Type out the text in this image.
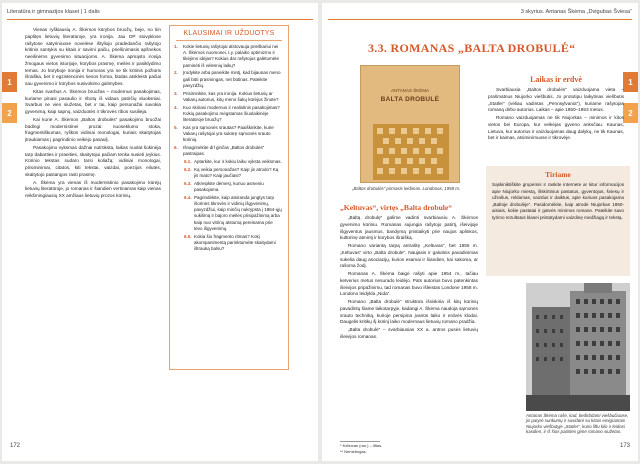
Literatūra ir gimnazijos klasei | 1 dalis
1
2

Vienas ryškiausių A. Škėmos kūrybos bruožų, beje, no tiin paplitęs lietuvių literatūroje, yra ironija. Jau DP stovyklose rašytose satyriniuose novelėse ištyliojo pradedančio rašytojo kritinis santykis su kitais ir savimi pačiu, priešinimasis apšnekos neeilinėms gyvenimo situacijoms. A. Škėma apmąsto ironija žmogaus vietos istorijoje, kūrybos prasmę, meilės ir pasiklydimo temas. Jo kūryboje ironija ir humoras yra ne tik kritinis požiūris išraiška, bet ir egzistencinės tiesos forma, būdas atskleisti pačiai sau gyvenimo ir kūrybos susivokimo galimybes.

Kitas svarbus A. Škėmos bruožas – modernus pasakojimas, kuriame pinasi pasaulio ir ribotų iš vidaus patirčių sluoksniai. Svarbus ne vien siužetas, bet ir tai, kaip personažai suvokia gyvenimą, kaip sapnų, vaizduotės ir tikrovės ribos susilieja.

Kai kurie A. Škėmos „Baltos drobulės“ pasakojimo bruožai būdingi modernistinei prozai: nuoseklumo stoka, fragmentiškumas, ryškūs vidiniai monologai, kuriais skaitytojas įtraukiamas į pagrindinio veikėjo pasaulį.

Pasakojimo vyksmas dažnai nutrūksta, laikas nuolat šokinėja tarp dabarties ir praeities, skaitytojui pačiam tenka susieti įvykius. Kūrinio tekstas sudaro tarsi koliažą: vidiniai monologai, prisiminimai, citatos, kiti tekstai, vaizdai, poezijos eilutės, skaitytojo pastangos rasti prasmę.

A. Škėma yra vienas iš modernistinio pasakojimo kūrėjų lietuvių literatūroje, jo romanas ir šiandien vertinamas kaip vienas reikšmingiausių XX amžiaus lietuvių prozos kūrinių.

KLAUSIMAI IR UŽDUOTYS
1. Kokie lietuvių rašytojai atstovauja prieškariui nei A. Škėmos nuomonei, t.y. palaiko optimizmo ir tikėjimo idėjas? Kokius dar rašytojus galėtumėte paminėti iš vėlesnių laikų?
2. Įrodykite arba paneikite mintį, kad bijaunas meno gali būti prasmingas, net būtinas. Pateikite pavyzdžių.
3. Prisiminkite, kas yra ironija. Kokius lietuvių ar Vakarų autorius, kitų meno šakų kūrėjus žinote?
4. Kuo skiriasi modernus ir realistinis pasakojimas? Kokių pasakojimo mėgstamas šiuolaikinėje literatūroje bruožų?
5. Kas yra sąmonės srautas? Paaiškinkite, kurie Vakarų rašytojai yra sukūrę sąmonės srauto kūrinių.
6. Išnagrinėkite drl ginčas „Baltos drobulės“ pastraipas.
6.1. Aptarkite, kur ir kokiu laiku vyksta veiksmas.
6.2. Ką veikia personažas? Kaip jis atrodo? Ką jis mato? Kaip jaučiasi?
6.3. Atkreipkite dėmesį, kuriuo asmeniu pasakojama.
6.4. Pagrindėkite, kaip atsiranda jungtys tarp išorinės tikrovės ir vidinių išgyvenimų, pavyzdžiui, kaip minčių nukrypsta į 1864-ųjų sukilimą ir bajoro meilės prisipažinimą arba kaip nuo vitrinų atstumą pereinama prie tėvo išgyvenimų.
6.5. Kokia šio fragmento ritmas? Kokį akompanimentą parinktumėte skaitydami ištrauką balsu?
172
3 skyrius. Antanas Škėma „Dvigubas Šviesa“
1
2
3.3. ROMANAS „BALTA DROBULĖ“
ANTANAS ŠKĖMA
BALTA DROBULĖ
„Baltos drobulės“ pirmasis leidimas. Londonas, 1958 m.
Laikas ir erdvė

Svarbiausia „Baltos drobulės“ vaizduojama vieta – prašmatnus Niujorko viešbutis. Jo prototipu laikytinas viešbutis „Statler“ (vėliau vadintas „Pennsylvania“), kuriame rašytojas romaną dirbo autorius. Laikas – apie 1950–1953 metus.

Romano vaizduojamas ne tik Niujorkas – minimos ir kitos vietos bei Europa, kur veikėjas gyveno anksčiau. Kaunas, Lietuva, kur autorius ir vaizduojamas daug dalykų, ne tik Kaunas, bet ir kaimas, atsiminimuose ir tikrovėje.

„Keltuvas“, virtęs „Balta drobule“

„Baltą drobulę“ galime vadinti svarbiausiu A. Škėmos gyvenimo kūriniu. Romanas sujungia rašytojo patirtį, išeivijoje išgyventus jausmus, bandymą prisitaikyti prie naujos aplinkos, kultūrinę atmintį ir kūrybos išraišką.

Romano variantą tarpą antraštę „Keltuvas“, bet 1955 m. „Keltuvas“ virto „Balta drobule“. Naujasis ir galutinis pavadinimas sukelia daug asociacijų, kurios esamai ir šiandien, kai sakoma, ar rašoma žodį.

Romanas A. Škėma baigė rašyti apie 1954 m., tačiau ketverius metus nesurado leidėjo. Pats autorius buvo patenkintas išeivijos pripažinimu, tad romanas buvo išleistas Londone 1958 m. Londono leidykla „Nida“.

Romano „Balta drobulė“ struktūra išsiskiria iš kitų kūrinių pavadintų šiame laikotarpyje, kadangi A. Škėma naudoja sąmonės srauto techniką, kurioje persipina įvairūs laiko ir erdvės klodai. Daugelis kritikų šį kūrinį laiko modernaus lietuvių romano pradžia.

„Balta drobulė“ – svarbiausias XX a. antros pusės lietuvių išeivijos romanas.

* Keltuvas (rus.) – liftas.
** Nemirtingas.
Tiriame
Sąskiniktiškite grupėmis ir raskite internete ar kitur informacijos apie Niujorko miestą, išskirtinius pastatus, gyventojus, šviesų ir užrašus, reklamas, vaizdus ir daiktus, apie kuriuos pasakojama „Baltoje drobulėje“. Pasidomėkite, kaip atrodė Niujorkas 1950-aisiais, kokie pastatai ir gatvės minimos romane. Pateikite savo tyrimo rezultatus klasei pristatydami vaizdinę medžiagą ir tekstą.
Antanas Škėma rašė, kad, bedirbdami viešbučiuose, jis patyrė sunkumų ir susidūrė su kitais emigrantais Niujorko viešbutyje „Statler“, kurio liftu kilo ir leidosi kasdien, ir iš šios patirties gimė romano siužetas.
173
